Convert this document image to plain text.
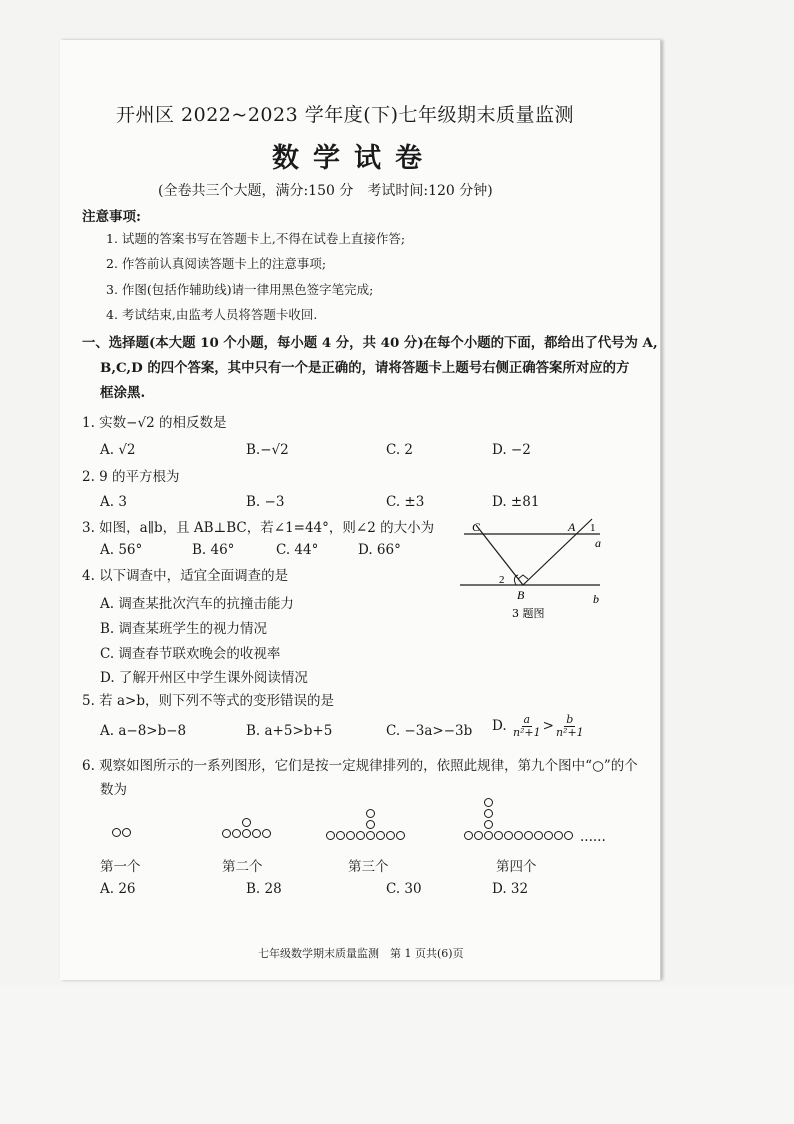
开州区 2022~2023 学年度(下)七年级期末质量监测
数学试卷
(全卷共三个大题，满分:150 分　考试时间:120 分钟)
注意事项:
1. 试题的答案书写在答题卡上,不得在试卷上直接作答;
2. 作答前认真阅读答题卡上的注意事项;
3. 作图(包括作辅助线)请一律用黑色签字笔完成;
4. 考试结束,由监考人员将答题卡收回.
一、选择题(本大题 10 个小题，每小题 4 分，共 40 分)在每个小题的下面，都给出了代号为 A,
B,C,D 的四个答案，其中只有一个是正确的，请将答题卡上题号右侧正确答案所对应的方
框涂黑.
1. 实数−√2 的相反数是
A. √2	B.−√2	C. 2	D. −2
2. 9 的平方根为
A. 3	B. −3	C. ±3	D. ±81
3. 如图，a∥b，且 AB⊥BC，若∠1=44°，则∠2 的大小为
A. 56°	B. 46°	C. 44°	D. 66°
C	A 1
a
2
B	b
3 题图
4. 以下调查中，适宜全面调查的是
A. 调查某批次汽车的抗撞击能力
B. 调查某班学生的视力情况
C. 调查春节联欢晚会的收视率
D. 了解开州区中学生课外阅读情况
5. 若 a>b，则下列不等式的变形错误的是
A. a−8>b−8	B. a+5>b+5	C. −3a>−3b D. $\frac{a}{\text{n²+1}} > \frac{b}{\text{n²+1}}$
6. 观察如图所示的一系列图形，它们是按一定规律排列的，依照此规律，第九个图中“○”的个
数为
......
第一个	第二个	第三个	第四个
A. 26	B. 28	C. 30	D. 32
七年级数学期末质量监测　第 1 页共(6)页
